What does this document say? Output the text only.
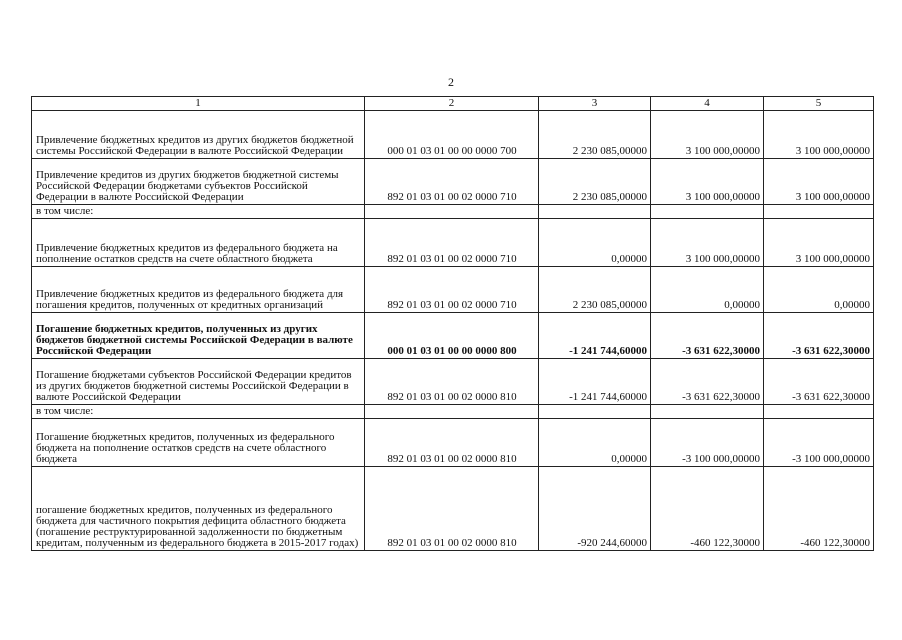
2
1	2	3	4	5
Привлечение бюджетных кредитов из других бюджетов бюджетной системы Российской Федерации в валюте Российской Федерации	000 01 03 01 00 00 0000 700	2 230 085,00000	3 100 000,00000	3 100 000,00000
Привлечение кредитов из других бюджетов бюджетной системы Российской Федерации бюджетами субъектов Российской Федерации в валюте Российской Федерации	892 01 03 01 00 02 0000 710	2 230 085,00000	3 100 000,00000	3 100 000,00000
в том числе:				
Привлечение бюджетных кредитов из федерального бюджета на пополнение остатков средств на счете областного бюджета	892 01 03 01 00 02 0000 710	0,00000	3 100 000,00000	3 100 000,00000
Привлечение бюджетных кредитов из федерального бюджета для погашения кредитов, полученных от кредитных организаций	892 01 03 01 00 02 0000 710	2 230 085,00000	0,00000	0,00000
Погашение бюджетных кредитов, полученных из других бюджетов бюджетной системы Российской Федерации в валюте Российской Федерации	000 01 03 01 00 00 0000 800	-1 241 744,60000	-3 631 622,30000	-3 631 622,30000
Погашение бюджетами субъектов Российской Федерации кредитов из других бюджетов бюджетной системы Российской Федерации в валюте Российской Федерации	892 01 03 01 00 02 0000 810	-1 241 744,60000	-3 631 622,30000	-3 631 622,30000
в том числе:				
Погашение бюджетных кредитов, полученных из федерального бюджета на пополнение остатков средств на счете областного бюджета	892 01 03 01 00 02 0000 810	0,00000	-3 100 000,00000	-3 100 000,00000
погашение бюджетных кредитов, полученных из федерального бюджета для частичного покрытия дефицита областного бюджета (погашение реструктурированной задолженности по бюджетным кредитам, полученным из федерального бюджета в 2015-2017 годах)	892 01 03 01 00 02 0000 810	-920 244,60000	-460 122,30000	-460 122,30000
